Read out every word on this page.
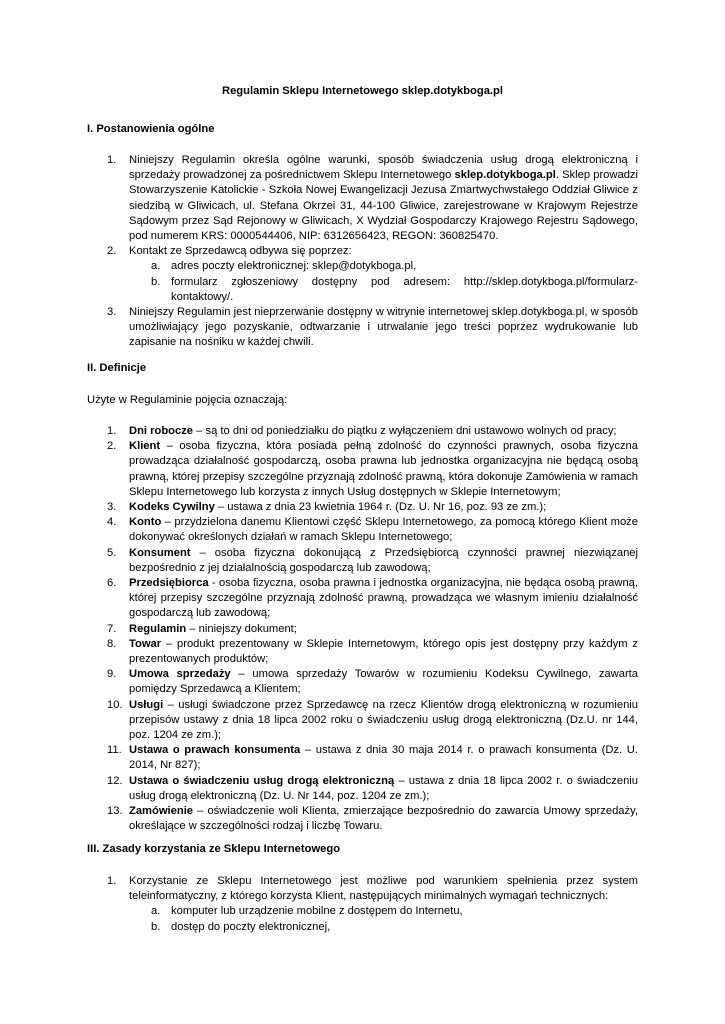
Regulamin Sklepu Internetowego sklep.dotykboga.pl
I. Postanowienia ogólne
1. Niniejszy Regulamin określa ogólne warunki, sposób świadczenia usług drogą elektroniczną i sprzedaży prowadzonej za pośrednictwem Sklepu Internetowego sklep.dotykboga.pl. Sklep prowadzi Stowarzyszenie Katolickie - Szkoła Nowej Ewangelizacji Jezusa Zmartwychwstałego Oddział Gliwice z siedzibą w Gliwicach, ul. Stefana Okrzei 31, 44-100 Gliwice, zarejestrowane w Krajowym Rejestrze Sądowym przez Sąd Rejonowy w Gliwicach, X Wydział Gospodarczy Krajowego Rejestru Sądowego, pod numerem KRS: 0000544406, NIP: 6312656423, REGON: 360825470.
2. Kontakt ze Sprzedawcą odbywa się poprzez:
a. adres poczty elektronicznej: sklep@dotykboga.pl,
b. formularz zgłoszeniowy dostępny pod adresem: http://sklep.dotykboga.pl/formularz-kontaktowy/.
3. Niniejszy Regulamin jest nieprzerwanie dostępny w witrynie internetowej sklep.dotykboga.pl, w sposób umożliwiający jego pozyskanie, odtwarzanie i utrwalanie jego treści poprzez wydrukowanie lub zapisanie na nośniku w każdej chwili.
II. Definicje
Użyte w Regulaminie pojęcia oznaczają:
1. Dni robocze – są to dni od poniedziałku do piątku z wyłączeniem dni ustawowo wolnych od pracy;
2. Klient – osoba fizyczna, która posiada pełną zdolność do czynności prawnych, osoba fizyczna prowadząca działalność gospodarczą, osoba prawna lub jednostka organizacyjna nie będącą osobą prawną, której przepisy szczególne przyznają zdolność prawną, która dokonuje Zamówienia w ramach Sklepu Internetowego lub korzysta z innych Usług dostępnych w Sklepie Internetowym;
3. Kodeks Cywilny – ustawa z dnia 23 kwietnia 1964 r. (Dz. U. Nr 16, poz. 93 ze zm.);
4. Konto – przydzielona danemu Klientowi część Sklepu Internetowego, za pomocą którego Klient może dokonywać określonych działań w ramach Sklepu Internetowego;
5. Konsument – osoba fizyczna dokonującą z Przedsiębiorcą czynności prawnej niezwiązanej bezpośrednio z jej działalnością gospodarczą lub zawodową;
6. Przedsiębiorca - osoba fizyczna, osoba prawna i jednostka organizacyjna, nie będąca osobą prawną, której przepisy szczególne przyznają zdolność prawną, prowadząca we własnym imieniu działalność gospodarczą lub zawodową;
7. Regulamin – niniejszy dokument;
8. Towar – produkt prezentowany w Sklepie Internetowym, którego opis jest dostępny przy każdym z prezentowanych produktów;
9. Umowa sprzedaży – umowa sprzedaży Towarów w rozumieniu Kodeksu Cywilnego, zawarta pomiędzy Sprzedawcą a Klientem;
10. Usługi – usługi świadczone przez Sprzedawcę na rzecz Klientów drogą elektroniczną w rozumieniu przepisów ustawy z dnia 18 lipca 2002 roku o świadczeniu usług drogą elektroniczną (Dz.U. nr 144, poz. 1204 ze zm.);
11. Ustawa o prawach konsumenta – ustawa z dnia 30 maja 2014 r. o prawach konsumenta (Dz. U. 2014, Nr 827);
12. Ustawa o świadczeniu usług drogą elektroniczną – ustawa z dnia 18 lipca 2002 r. o świadczeniu usług drogą elektroniczną (Dz. U. Nr 144, poz. 1204 ze zm.);
13. Zamówienie – oświadczenie woli Klienta, zmierzające bezpośrednio do zawarcia Umowy sprzedaży, określające w szczególności rodzaj i liczbę Towaru.
III. Zasady korzystania ze Sklepu Internetowego
1. Korzystanie ze Sklepu Internetowego jest możliwe pod warunkiem spełnienia przez system teleinformatyczny, z którego korzysta Klient, następujących minimalnych wymagań technicznych:
a. komputer lub urządzenie mobilne z dostępem do Internetu,
b. dostęp do poczty elektronicznej,
